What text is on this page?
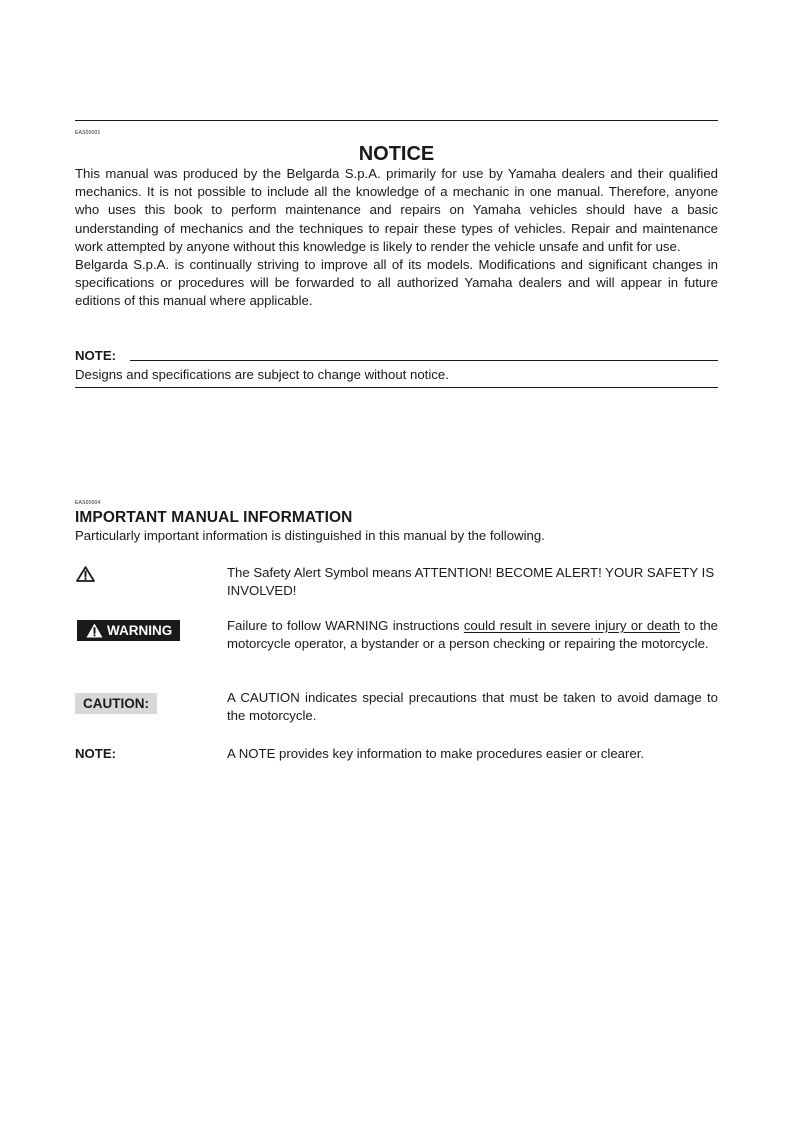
EAS00001
NOTICE

This manual was produced by the Belgarda S.p.A. primarily for use by Yamaha dealers and their qualified mechanics. It is not possible to include all the knowledge of a mechanic in one manual. Therefore, anyone who uses this book to perform maintenance and repairs on Yamaha vehicles should have a basic understanding of mechanics and the techniques to repair these types of vehicles. Repair and maintenance work attempted by anyone without this knowledge is likely to render the vehicle unsafe and unfit for use.

Belgarda S.p.A. is continually striving to improve all of its models. Modifications and significant changes in specifications or procedures will be forwarded to all authorized Yamaha dealers and will appear in future editions of this manual where applicable.

NOTE:
Designs and specifications are subject to change without notice.
EAS00004
IMPORTANT MANUAL INFORMATION
Particularly important information is distinguished in this manual by the following.
The Safety Alert Symbol means ATTENTION! BECOME ALERT! YOUR SAFETY IS INVOLVED!
WARNING	Failure to follow WARNING instructions could result in severe injury or death to the motorcycle operator, a bystander or a person checking or repairing the motorcycle.
CAUTION:	A CAUTION indicates special precautions that must be taken to avoid damage to the motorcycle.
NOTE:	A NOTE provides key information to make procedures easier or clearer.
